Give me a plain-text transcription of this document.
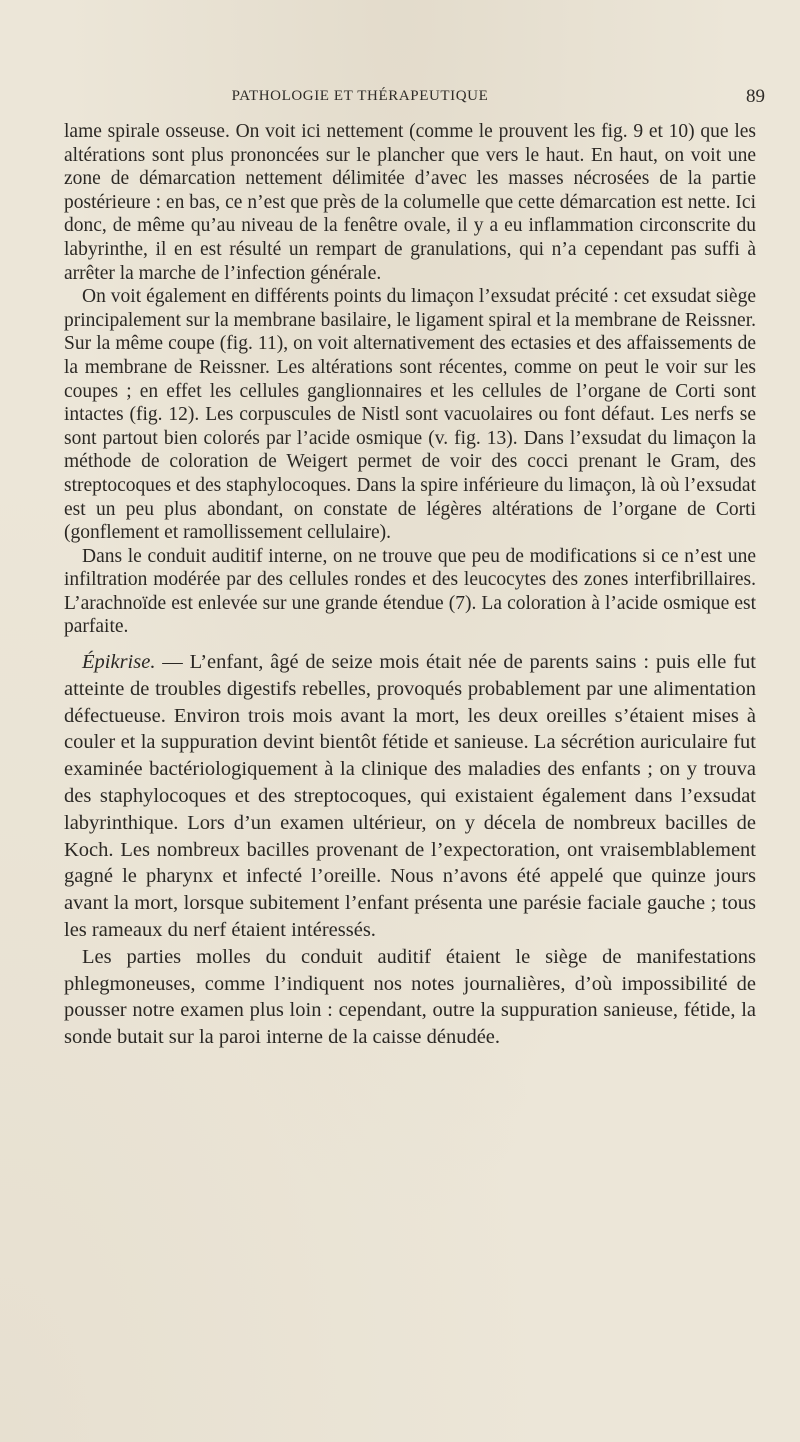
PATHOLOGIE ET THÉRAPEUTIQUE	89

lame spirale osseuse. On voit ici nettement (comme le prouvent les fig. 9 et 10) que les altérations sont plus prononcées sur le plancher que vers le haut. En haut, on voit une zone de démarcation nettement délimitée d’avec les masses nécrosées de la partie postérieure : en bas, ce n’est que près de la columelle que cette démarcation est nette. Ici donc, de même qu’au niveau de la fenêtre ovale, il y a eu inflammation circonscrite du labyrinthe, il en est résulté un rempart de granulations, qui n’a cependant pas suffi à arrêter la marche de l’infection générale.

On voit également en différents points du limaçon l’exsudat précité : cet exsudat siège principalement sur la membrane basilaire, le ligament spiral et la membrane de Reissner. Sur la même coupe (fig. 11), on voit alternativement des ectasies et des affaissements de la membrane de Reissner. Les altérations sont récentes, comme on peut le voir sur les coupes ; en effet les cellules ganglionnaires et les cellules de l’organe de Corti sont intactes (fig. 12). Les corpuscules de Nistl sont vacuolaires ou font défaut. Les nerfs se sont partout bien colorés par l’acide osmique (v. fig. 13). Dans l’exsudat du limaçon la méthode de coloration de Weigert permet de voir des cocci prenant le Gram, des streptocoques et des staphylocoques. Dans la spire inférieure du limaçon, là où l’exsudat est un peu plus abondant, on constate de légères altérations de l’organe de Corti (gonflement et ramollissement cellulaire).

Dans le conduit auditif interne, on ne trouve que peu de modifications si ce n’est une infiltration modérée par des cellules rondes et des leucocytes des zones interfibrillaires. L’arachnoïde est enlevée sur une grande étendue (7). La coloration à l’acide osmique est parfaite.

Épikrise. — L’enfant, âgé de seize mois était née de parents sains : puis elle fut atteinte de troubles digestifs rebelles, provoqués probablement par une alimentation défectueuse. Environ trois mois avant la mort, les deux oreilles s’étaient mises à couler et la suppuration devint bientôt fétide et sanieuse. La sécrétion auriculaire fut examinée bactériologiquement à la clinique des maladies des enfants ; on y trouva des staphylocoques et des streptocoques, qui existaient également dans l’exsudat labyrinthique. Lors d’un examen ultérieur, on y décela de nombreux bacilles de Koch. Les nombreux bacilles provenant de l’expectoration, ont vraisemblablement gagné le pharynx et infecté l’oreille. Nous n’avons été appelé que quinze jours avant la mort, lorsque subitement l’enfant présenta une parésie faciale gauche ; tous les rameaux du nerf étaient intéressés.

Les parties molles du conduit auditif étaient le siège de manifestations phlegmoneuses, comme l’indiquent nos notes journalières, d’où impossibilité de pousser notre examen plus loin : cependant, outre la suppuration sanieuse, fétide, la sonde butait sur la paroi interne de la caisse dénudée.
